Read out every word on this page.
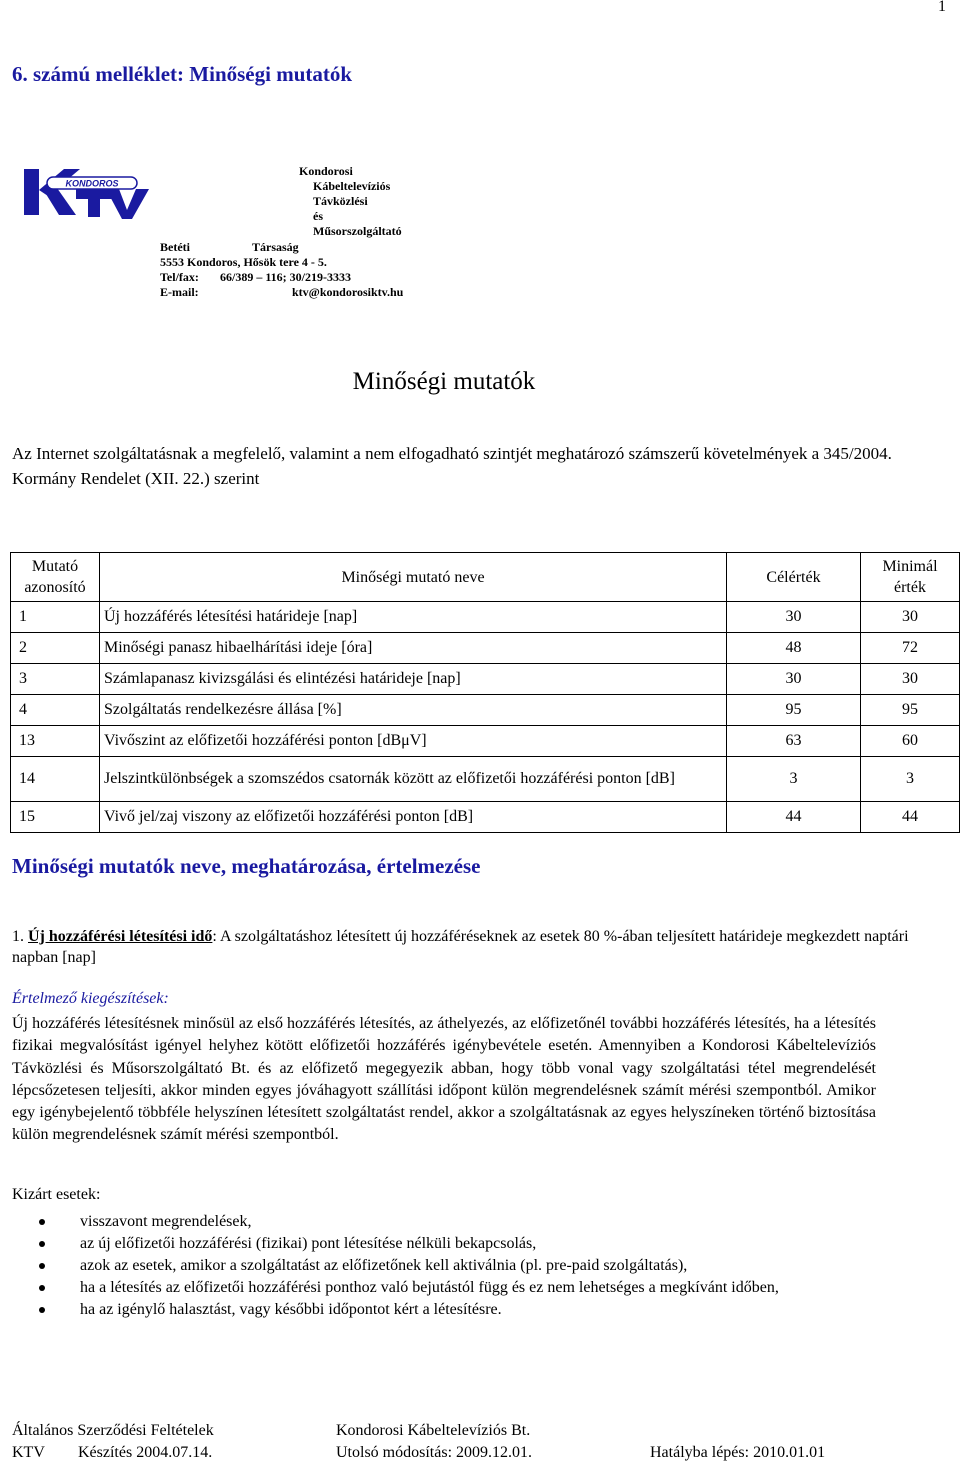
1
6. számú melléklet: Minőségi mutatók
KONDOROS
Kondorosi
Kábeltelevíziós
Távközlési
és
Műsorszolgáltató
Betéti	Társaság
5553 Kondoros, Hősök tere 4 - 5.
Tel/fax: 66/389 – 116; 30/219-3333
E-mail:	ktv@kondorosiktv.hu
Minőségi mutatók
Az Internet szolgáltatásnak a megfelelő, valamint a nem elfogadható szintjét meghatározó számszerű követelmények a 345/2004. Kormány Rendelet (XII. 22.) szerint
Mutató azonosító	Minőségi mutató neve	Célérték	Minimál érték
1	Új hozzáférés létesítési határideje [nap]	30	30
2	Minőségi panasz hibaelhárítási ideje [óra]	48	72
3	Számlapanasz kivizsgálási és elintézési határideje [nap]	30	30
4	Szolgáltatás rendelkezésre állása [%]	95	95
13	Vivőszint az előfizetői hozzáférési ponton [dBμV]	63	60
14	Jelszintkülönbségek a szomszédos csatornák között az előfizetői hozzáférési ponton [dB]	3	3
15	Vivő jel/zaj viszony az előfizetői hozzáférési ponton [dB]	44	44
Minőségi mutatók neve, meghatározása, értelmezése
1. Új hozzáférési létesítési idő: A szolgáltatáshoz létesített új hozzáféréseknek az esetek 80 %-ában teljesített határideje megkezdett naptári napban [nap]
Értelmező kiegészítések:
Új hozzáférés létesítésnek minősül az első hozzáférés létesítés, az áthelyezés, az előfizetőnél további hozzáférés létesítés, ha a létesítés fizikai megvalósítást igényel helyhez kötött előfizetői hozzáférés igénybevétele esetén. Amennyiben a Kondorosi Kábeltelevíziós Távközlési és Műsorszolgáltató Bt. és az előfizető megegyezik abban, hogy több vonal vagy szolgáltatási tétel megrendelését lépcsőzetesen teljesíti, akkor minden egyes jóváhagyott szállítási időpont külön megrendelésnek számít mérési szempontból. Amikor egy igénybejelentő többféle helyszínen létesített szolgáltatást rendel, akkor a szolgáltatásnak az egyes helyszíneken történő biztosítása külön megrendelésnek számít mérési szempontból.
Kizárt esetek:
visszavont megrendelések,
az új előfizetői hozzáférési (fizikai) pont létesítése nélküli bekapcsolás,
azok az esetek, amikor a szolgáltatást az előfizetőnek kell aktiválnia (pl. pre-paid szolgáltatás),
ha a létesítés az előfizetői hozzáférési ponthoz való bejutástól függ és ez nem lehetséges a megkívánt időben,
ha az igénylő halasztást, vagy későbbi időpontot kért a létesítésre.
Általános Szerződési Feltételek	Kondorosi Kábeltelevíziós Bt.
KTV Készítés 2004.07.14.	Utolsó módosítás: 2009.12.01.	Hatályba lépés: 2010.01.01
